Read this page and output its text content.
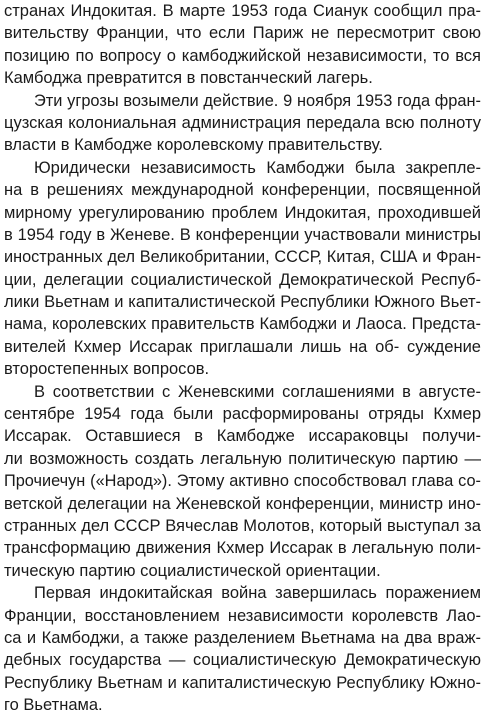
странах Индокитая. В марте 1953 года Сианук сообщил пра-
вительству Франции, что если Париж не пересмотрит свою
позицию по вопросу о камбоджийской независимости, то вся
Камбоджа превратится в повстанческий лагерь.
Эти угрозы возымели действие. 9 ноября 1953 года фран-
цузская колониальная администрация передала всю полноту
власти в Камбодже королевскому правительству.
Юридически независимость Камбоджи была закрепле-
на в решениях международной конференции, посвященной
мирному урегулированию проблем Индокитая, проходившей
в 1954 году в Женеве. В конференции участвовали министры
иностранных дел Великобритании, СССР, Китая, США и Фран-
ции, делегации социалистической Демократической Респуб-
лики Вьетнам и капиталистической Республики Южного Вьет-
нама, королевских правительств Камбоджи и Лаоса. Предста-
вителей Кхмер Иссарак приглашали лишь на об- суждение
второстепенных вопросов.
В соответствии с Женевскими соглашениями в августе-
сентябре 1954 года были расформированы отряды Кхмер
Иссарак. Оставшиеся в Камбодже иссараковцы получи-
ли возможность создать легальную политическую партию —
Прочиечун («Народ»). Этому активно способствовал глава со-
ветской делегации на Женевской конференции, министр ино-
странных дел СССР Вячеслав Молотов, который выступал за
трансформацию движения Кхмер Иссарак в легальную поли-
тическую партию социалистической ориентации.
Первая индокитайская война завершилась поражением
Франции, восстановлением независимости королевств Лао-
са и Камбоджи, а также разделением Вьетнама на два враж-
дебных государства — социалистическую Демократическую
Республику Вьетнам и капиталистическую Республику Южно-
го Вьетнама.
